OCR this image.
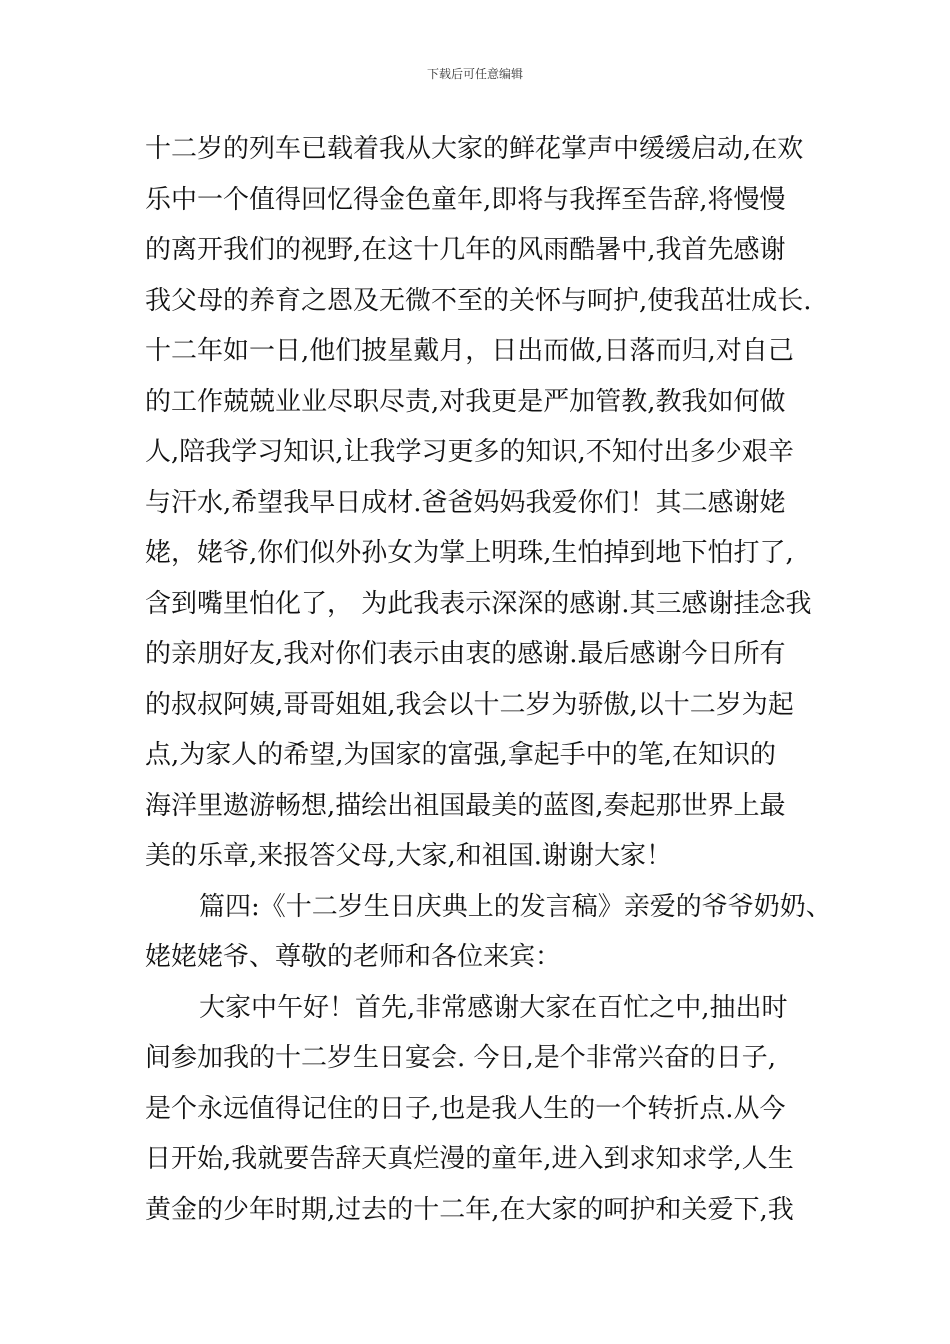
下载后可任意编辑
十二岁的列车已载着我从大家的鲜花掌声中缓缓启动,在欢
乐中一个值得回忆得金色童年,即将与我挥至告辞,将慢慢
的离开我们的视野,在这十几年的风雨酷暑中,我首先感谢
我父母的养育之恩及无微不至的关怀与呵护,使我茁壮成长.
十二年如一日,他们披星戴月，日出而做,日落而归,对自己
的工作兢兢业业尽职尽责,对我更是严加管教,教我如何做
人,陪我学习知识,让我学习更多的知识,不知付出多少艰辛
与汗水,希望我早日成材.爸爸妈妈我爱你们！其二感谢姥
姥，姥爷,你们似外孙女为掌上明珠,生怕掉到地下怕打了,
含到嘴里怕化了， 为此我表示深深的感谢.其三感谢挂念我
的亲朋好友,我对你们表示由衷的感谢.最后感谢今日所有
的叔叔阿姨,哥哥姐姐,我会以十二岁为骄傲,以十二岁为起
点,为家人的希望,为国家的富强,拿起手中的笔,在知识的
海洋里遨游畅想,描绘出祖国最美的蓝图,奏起那世界上最
美的乐章,来报答父母,大家,和祖国.谢谢大家！
篇四:《十二岁生日庆典上的发言稿》亲爱的爷爷奶奶、
姥姥姥爷、尊敬的老师和各位来宾：
大家中午好！首先,非常感谢大家在百忙之中,抽出时
间参加我的十二岁生日宴会. 今日,是个非常兴奋的日子,
是个永远值得记住的日子,也是我人生的一个转折点.从今
日开始,我就要告辞天真烂漫的童年,进入到求知求学,人生
黄金的少年时期,过去的十二年,在大家的呵护和关爱下,我
